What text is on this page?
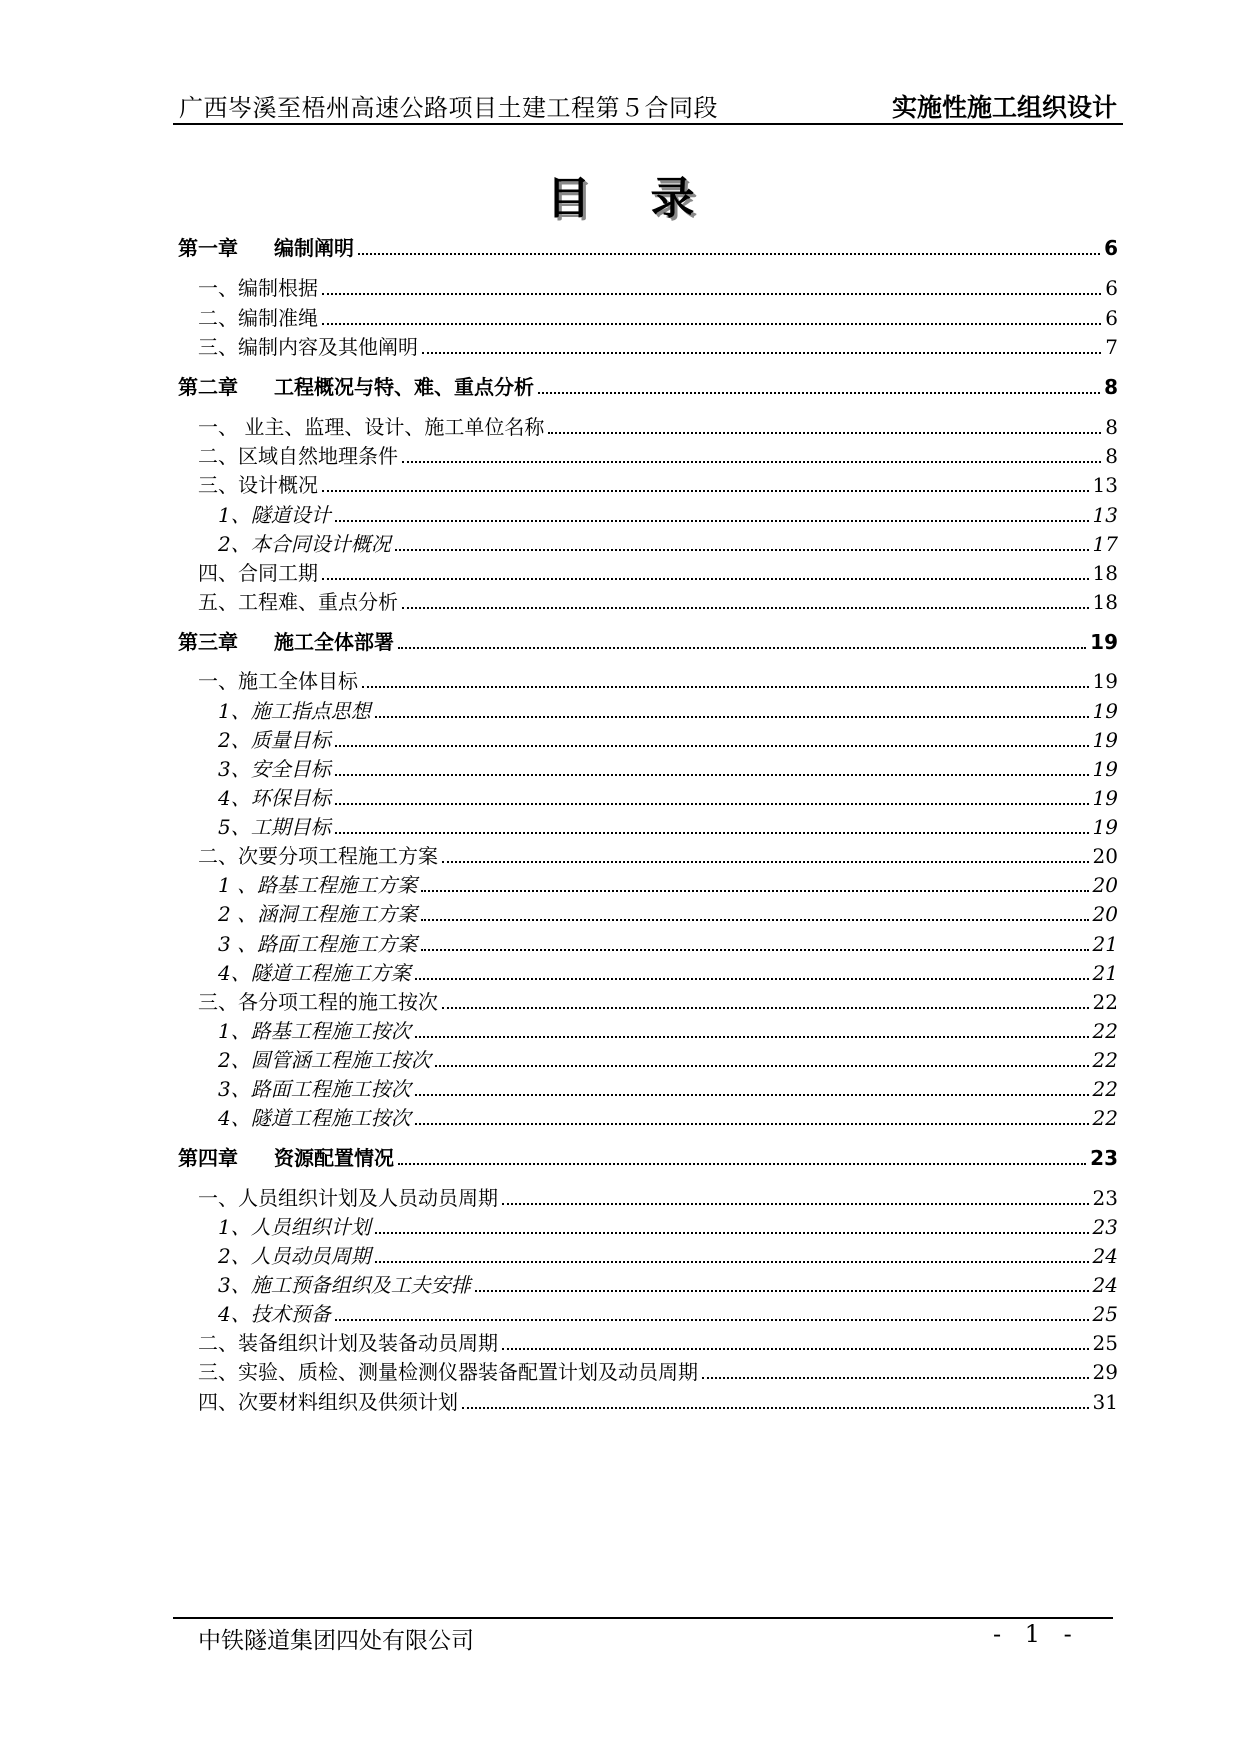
广西岑溪至梧州高速公路项目土建工程第５合同段	实施性施工组织设计
目录
第一章 编制阐明	6
一、编制根据	6
二、编制准绳	6
三、编制内容及其他阐明	7
第二章 工程概况与特、难、重点分析	8
一、 业主、监理、设计、施工单位名称	8
二、区域自然地理条件	8
三、设计概况	13
1、隧道设计	13
2、本合同设计概况	17
四、合同工期	18
五、工程难、重点分析	18
第三章 施工全体部署	19
一、施工全体目标	19
1、施工指点思想	19
2、质量目标	19
3、安全目标	19
4、环保目标	19
5、工期目标	19
二、次要分项工程施工方案	20
1 、路基工程施工方案	20
2 、涵洞工程施工方案	20
3 、路面工程施工方案	21
4、隧道工程施工方案	21
三、各分项工程的施工按次	22
1、路基工程施工按次	22
2、圆管涵工程施工按次	22
3、路面工程施工按次	22
4、隧道工程施工按次	22
第四章 资源配置情况	23
一、人员组织计划及人员动员周期	23
1、人员组织计划	23
2、人员动员周期	24
3、施工预备组织及工夫安排	24
4、技术预备	25
二、装备组织计划及装备动员周期	25
三、实验、质检、测量检测仪器装备配置计划及动员周期	29
四、次要材料组织及供须计划	31
中铁隧道集团四处有限公司	- 1 -
